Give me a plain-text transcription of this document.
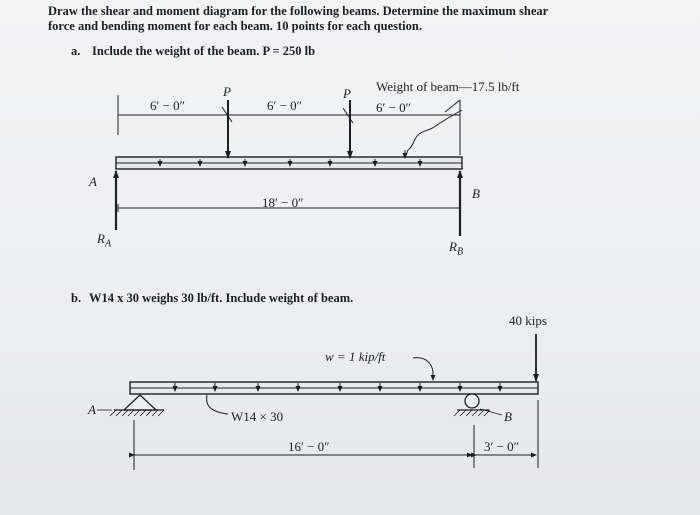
Draw the shear and moment diagram for the following beams. Determine the maximum shear
force and bending moment for each beam. 10 points for each question.
a. Include the weight of the beam. P = 250 lb
Weight of beam—17.5 lb/ft
6′ − 0″
P
6′ − 0″
P
6′ − 0″
A
B
18′ − 0″
$R_A$	$R_B$
b. W14 x 30 weighs 30 lb/ft. Include weight of beam.
40 kips
w = 1 kip/ft
A	W14 × 30	B
16′ − 0″	3′ − 0″
